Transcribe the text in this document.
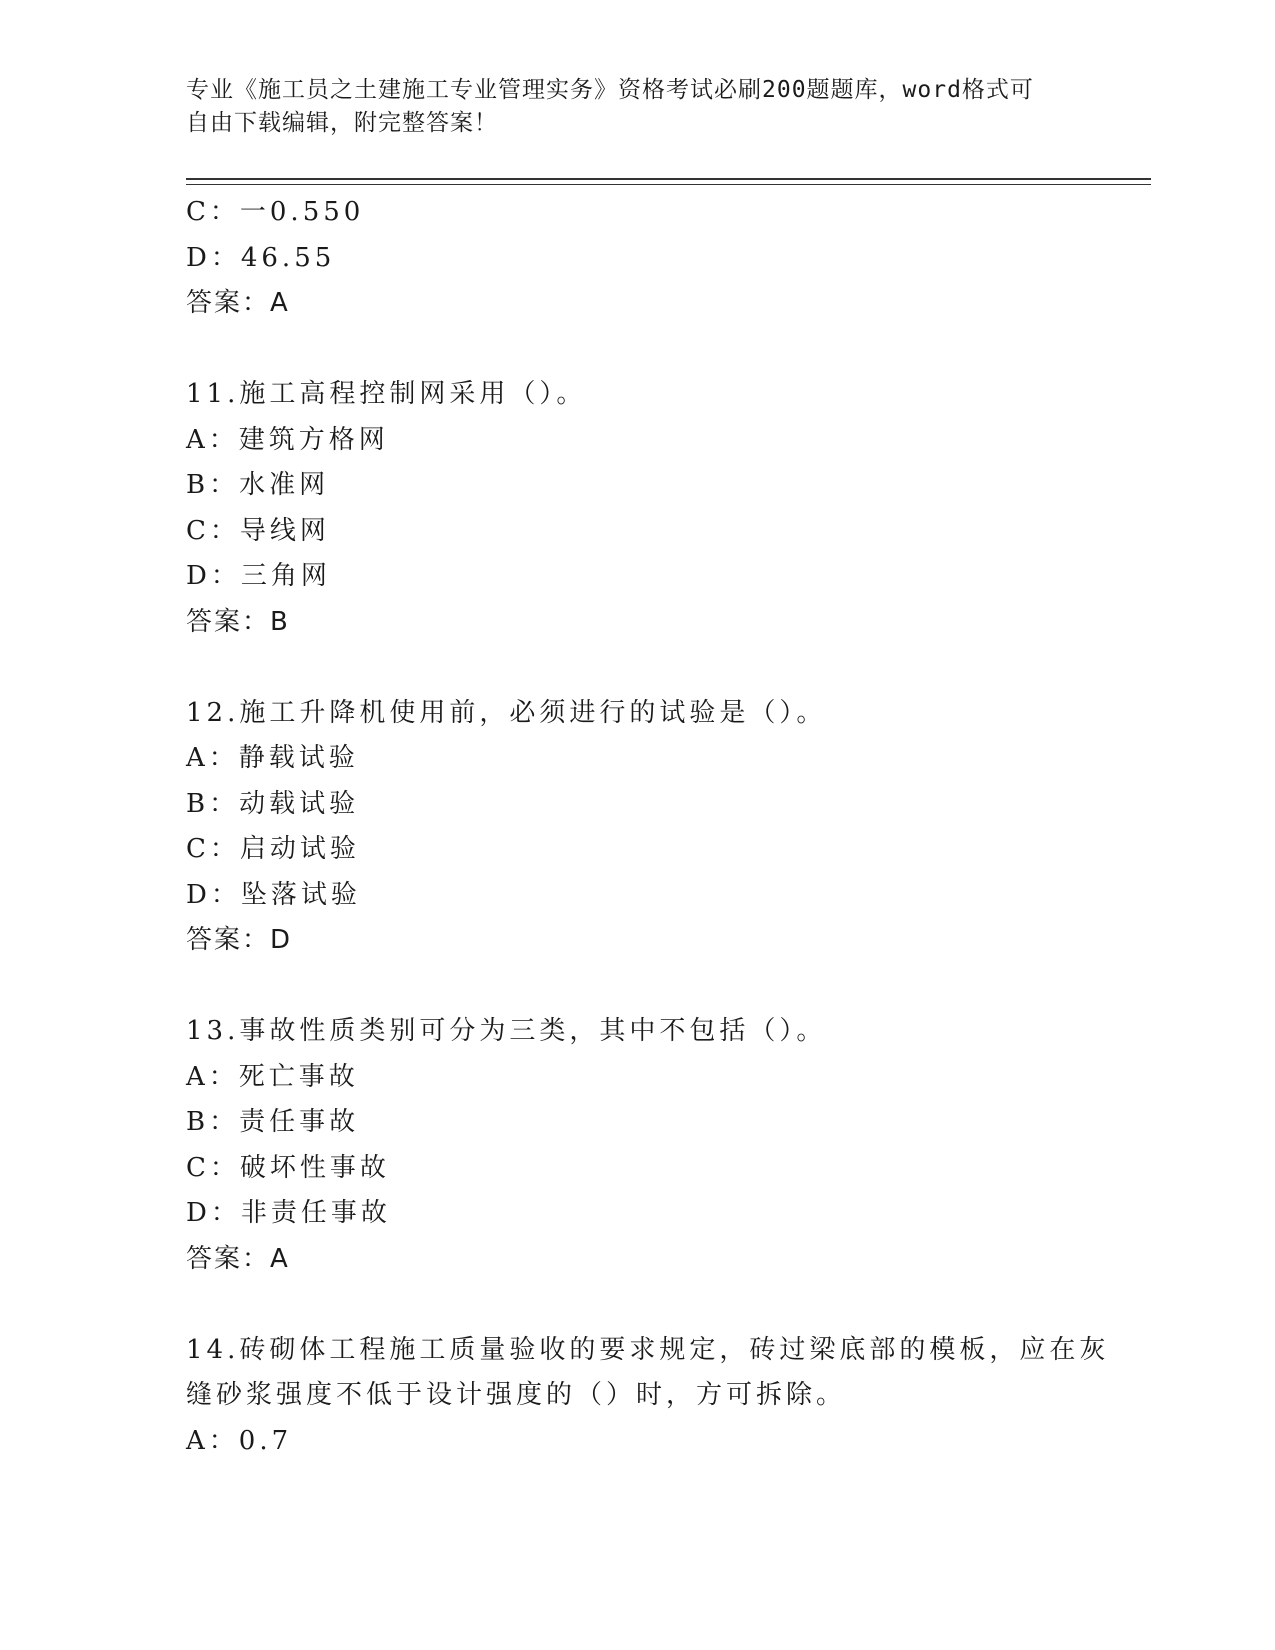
专业《施工员之土建施工专业管理实务》资格考试必刷200题题库，word格式可
自由下载编辑，附完整答案！
C：一0.550
D：46.55
答案：A
11.施工高程控制网采用（）。
A：建筑方格网
B：水准网
C：导线网
D：三角网
答案：B
12.施工升降机使用前，必须进行的试验是（）。
A：静载试验
B：动载试验
C：启动试验
D：坠落试验
答案：D
13.事故性质类别可分为三类，其中不包括（）。
A：死亡事故
B：责任事故
C：破坏性事故
D：非责任事故
答案：A
14.砖砌体工程施工质量验收的要求规定，砖过梁底部的模板，应在灰
缝砂浆强度不低于设计强度的（）时，方可拆除。
A：0.7
